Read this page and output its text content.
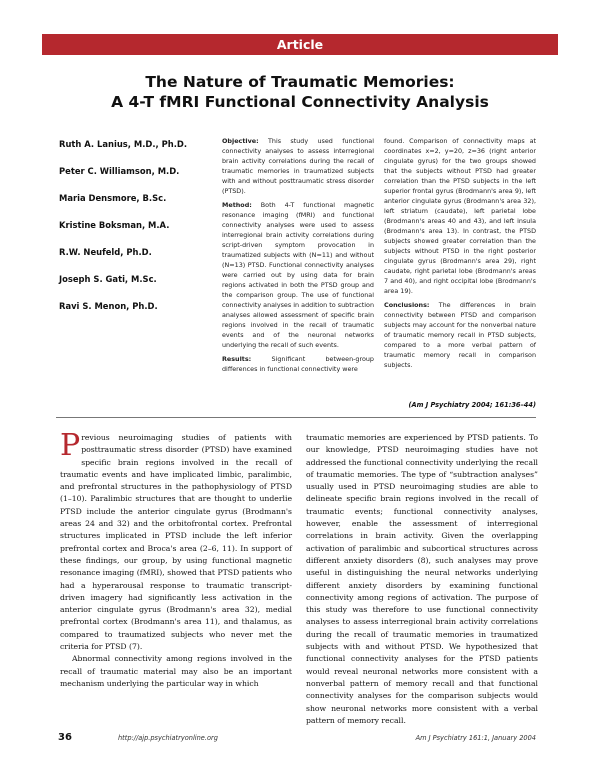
Article
The Nature of Traumatic Memories:
A 4-T fMRI Functional Connectivity Analysis
Ruth A. Lanius, M.D., Ph.D.
Peter C. Williamson, M.D.
Maria Densmore, B.Sc.
Kristine Boksman, M.A.
R.W. Neufeld, Ph.D.
Joseph S. Gati, M.Sc.
Ravi S. Menon, Ph.D.

Objective: This study used functional connectivity analyses to assess interregional brain activity correlations during the recall of traumatic memories in traumatized subjects with and without posttraumatic stress disorder (PTSD).

Method: Both 4-T functional magnetic resonance imaging (fMRI) and functional connectivity analyses were used to assess interregional brain activity correlations during script-driven symptom provocation in traumatized subjects with (N=11) and without (N=13) PTSD. Functional connectivity analyses were carried out by using data for brain regions activated in both the PTSD group and the comparison group. The use of functional connectivity analyses in addition to subtraction analyses allowed assessment of specific brain regions involved in the recall of traumatic events and of the neuronal networks underlying the recall of such events.

Results:	Significant between-group differences in functional connectivity were

found. Comparison of connectivity maps at coordinates x=2, y=20, z=36 (right anterior cingulate gyrus) for the two groups showed that the subjects without PTSD had greater correlation than the PTSD subjects in the left superior frontal gyrus (Brodmann's area 9), left anterior cingulate gyrus (Brodmann's area 32), left striatum (caudate), left parietal lobe (Brodmann's areas 40 and 43), and left insula (Brodmann's area 13). In contrast, the PTSD subjects showed greater correlation than the subjects without PTSD in the right posterior cingulate gyrus (Brodmann's area 29), right caudate, right parietal lobe (Brodmann's areas 7 and 40), and right occipital lobe (Brodmann's area 19).

Conclusions: The differences in brain connectivity between PTSD and comparison subjects may account for the nonverbal nature of traumatic memory recall in PTSD subjects, compared to a more verbal pattern of traumatic memory recall in comparison subjects.

(Am J Psychiatry 2004; 161:36–44)

Previous neuroimaging studies of patients with posttraumatic stress disorder (PTSD) have examined specific brain regions involved in the recall of traumatic events and have implicated limbic, paralimbic, and prefrontal structures in the pathophysiology of PTSD (1–10). Paralimbic structures that are thought to underlie PTSD include the anterior cingulate gyrus (Brodmann's areas 24 and 32) and the orbitofrontal cortex. Prefrontal structures implicated in PTSD include the left inferior prefrontal cortex and Broca's area (2–6, 11). In support of these findings, our group, by using functional magnetic resonance imaging (fMRI), showed that PTSD patients who had a hyperarousal response to traumatic transcript-driven imagery had significantly less activation in the anterior cingulate gyrus (Brodmann's area 32), medial prefrontal cortex (Brodmann's area 11), and thalamus, as compared to traumatized subjects who never met the criteria for PTSD (7).

Abnormal connectivity among regions involved in the recall of traumatic material may also be an important mechanism underlying the particular way in which

traumatic memories are experienced by PTSD patients. To our knowledge, PTSD neuroimaging studies have not addressed the functional connectivity underlying the recall of traumatic memories. The type of “subtraction analyses” usually used in PTSD neuroimaging studies are able to delineate specific brain regions involved in the recall of traumatic events; functional connectivity analyses, however, enable the assessment of interregional correlations in brain activity. Given the overlapping activation of paralimbic and subcortical structures across different anxiety disorders (8), such analyses may prove useful in distinguishing the neural networks underlying different anxiety disorders by examining functional connectivity among regions of activation. The purpose of this study was therefore to use functional connectivity analyses to assess interregional brain activity correlations during the recall of traumatic memories in traumatized subjects with and without PTSD. We hypothesized that functional connectivity analyses for the PTSD patients would reveal neuronal networks more consistent with a nonverbal pattern of memory recall and that functional connectivity analyses for the comparison subjects would show neuronal networks more consistent with a verbal pattern of memory recall.

36	http://ajp.psychiatryonline.org	Am J Psychiatry 161:1, January 2004
